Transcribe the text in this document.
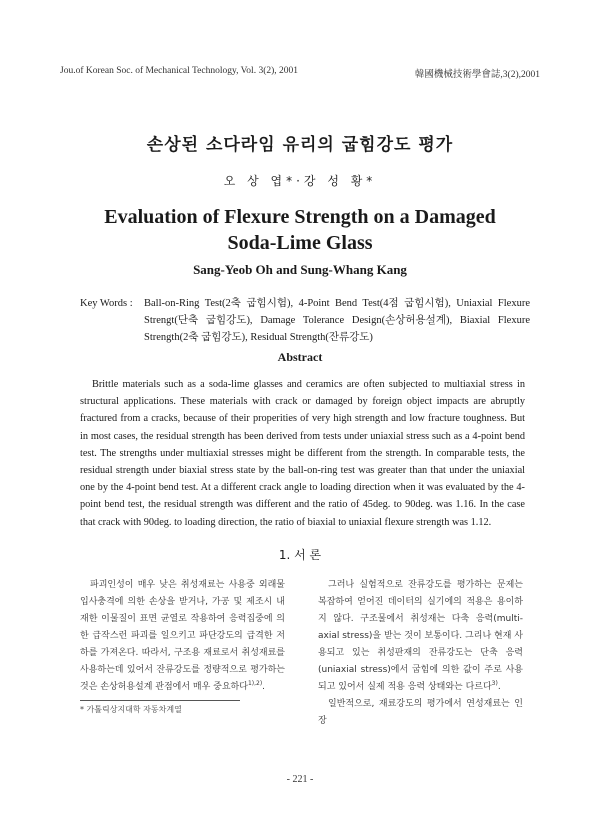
Jou.of Korean Soc. of Mechanical Technology, Vol. 3(2), 2001	韓國機械技術學會誌,3(2),2001
손상된 소다라임 유리의 굽힘강도 평가
오 상 엽*·강 성 황*
Evaluation of Flexure Strength on a Damaged
Soda-Lime Glass
Sang-Yeob Oh and Sung-Whang Kang
Key Words :	Ball-on-Ring Test(2축 굽힘시험), 4-Point Bend Test(4점 굽힘시험), Uniaxial Flexure Strengt(단축 굽힘강도), Damage Tolerance Design(손상허용설계), Biaxial Flexure Strength(2축 굽힘강도), Residual Strength(잔류강도)
Abstract
Brittle materials such as a soda-lime glasses and ceramics are often subjected to multiaxial stress in structural applications. These materials with crack or damaged by foreign object impacts are abruptly fractured from a cracks, because of their properities of very high strength and low fracture toughness. But in most cases, the residual strength has been derived from tests under uniaxial stress such as a 4-point bend test. The strengths under multiaxial stresses might be different from the strength. In comparable tests, the residual strength under biaxial stress state by the ball-on-ring test was greater than that under the uniaxial one by the 4-point bend test. At a different crack angle to loading direction when it was evaluated by the 4-point bend test, the residual strength was different and the ratio of 45deg. to 90deg. was 1.16. In the case that crack with 90deg. to loading direction, the ratio of biaxial to uniaxial flexure strength was 1.12.
1. 서 론

파괴인성이 매우 낮은 취성재료는 사용중 외래물 입사충격에 의한 손상을 받거나, 가공 및 제조시 내재한 이물질이 표면 균열로 작용하여 응력집중에 의한 급작스런 파괴를 일으키고 파단강도의 급격한 저하를 가져온다. 따라서, 구조용 재료로서 취성재료를 사용하는데 있어서 잔류강도를 정량적으로 평가하는 것은 손상허용설계 관점에서 매우 중요하다$^{1),2)}$.

그러나 실험적으로 잔류강도를 평가하는 문제는 복잡하여 얻어진 데이터의 실기에의 적용은 용이하지 않다. 구조물에서 취성재는 다축 응력(multi-axial stress)을 받는 것이 보통이다. 그리나 현재 사용되고 있는 취성판재의 잔류강도는 단축 응력(uniaxial stress)에서 굽힘에 의한 값이 주로 사용되고 있어서 실제 적용 응력 상태와는 다르다$^{3)}$.

일반적으로, 재료강도의 평가에서 연성재료는 인장

* 가톨릭상지대학 자동차계열
- 221 -
